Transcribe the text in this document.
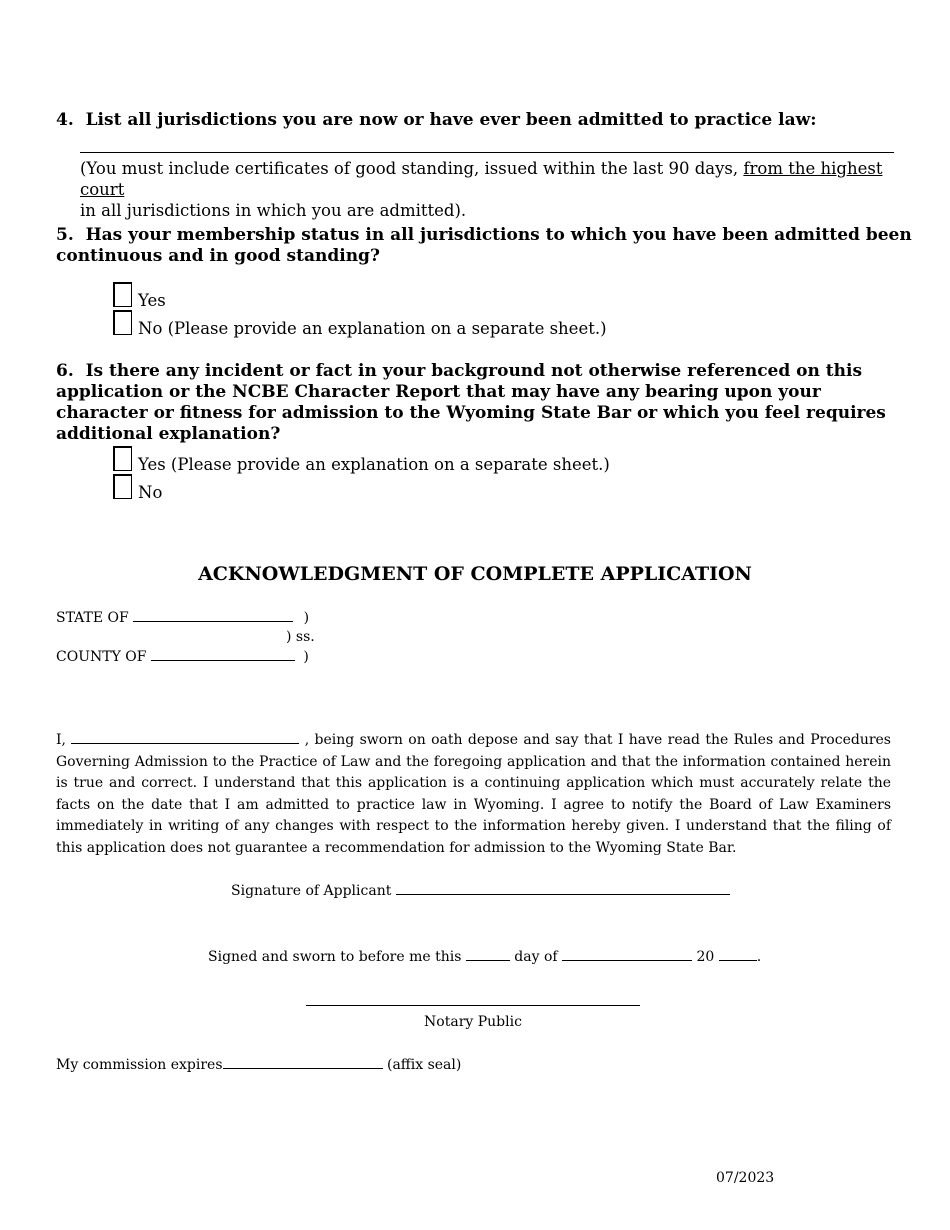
4. List all jurisdictions you are now or have ever been admitted to practice law:
(You must include certificates of good standing, issued within the last 90 days, from the highest court
in all jurisdictions in which you are admitted).
5. Has your membership status in all jurisdictions to which you have been admitted been continuous and in good standing?
Yes
No (Please provide an explanation on a separate sheet.)
6. Is there any incident or fact in your background not otherwise referenced on this application or the NCBE Character Report that may have any bearing upon your character or fitness for admission to the Wyoming State Bar or which you feel requires additional explanation?
Yes (Please provide an explanation on a separate sheet.)
No
ACKNOWLEDGMENT OF COMPLETE APPLICATION
STATE OF	)
) ss.
COUNTY OF	)
I,	, being sworn on oath depose and say that I have read the Rules and Procedures Governing Admission to the Practice of Law and the foregoing application and that the information contained herein is true and correct. I understand that this application is a continuing application which must accurately relate the facts on the date that I am admitted to practice law in Wyoming. I agree to notify the Board of Law Examiners immediately in writing of any changes with respect to the information hereby given. I understand that the filing of this application does not guarantee a recommendation for admission to the Wyoming State Bar.
Signature of Applicant
Signed and sworn to before me this	day of	20	.
Notary Public
My commission expires	(affix seal)
07/2023
